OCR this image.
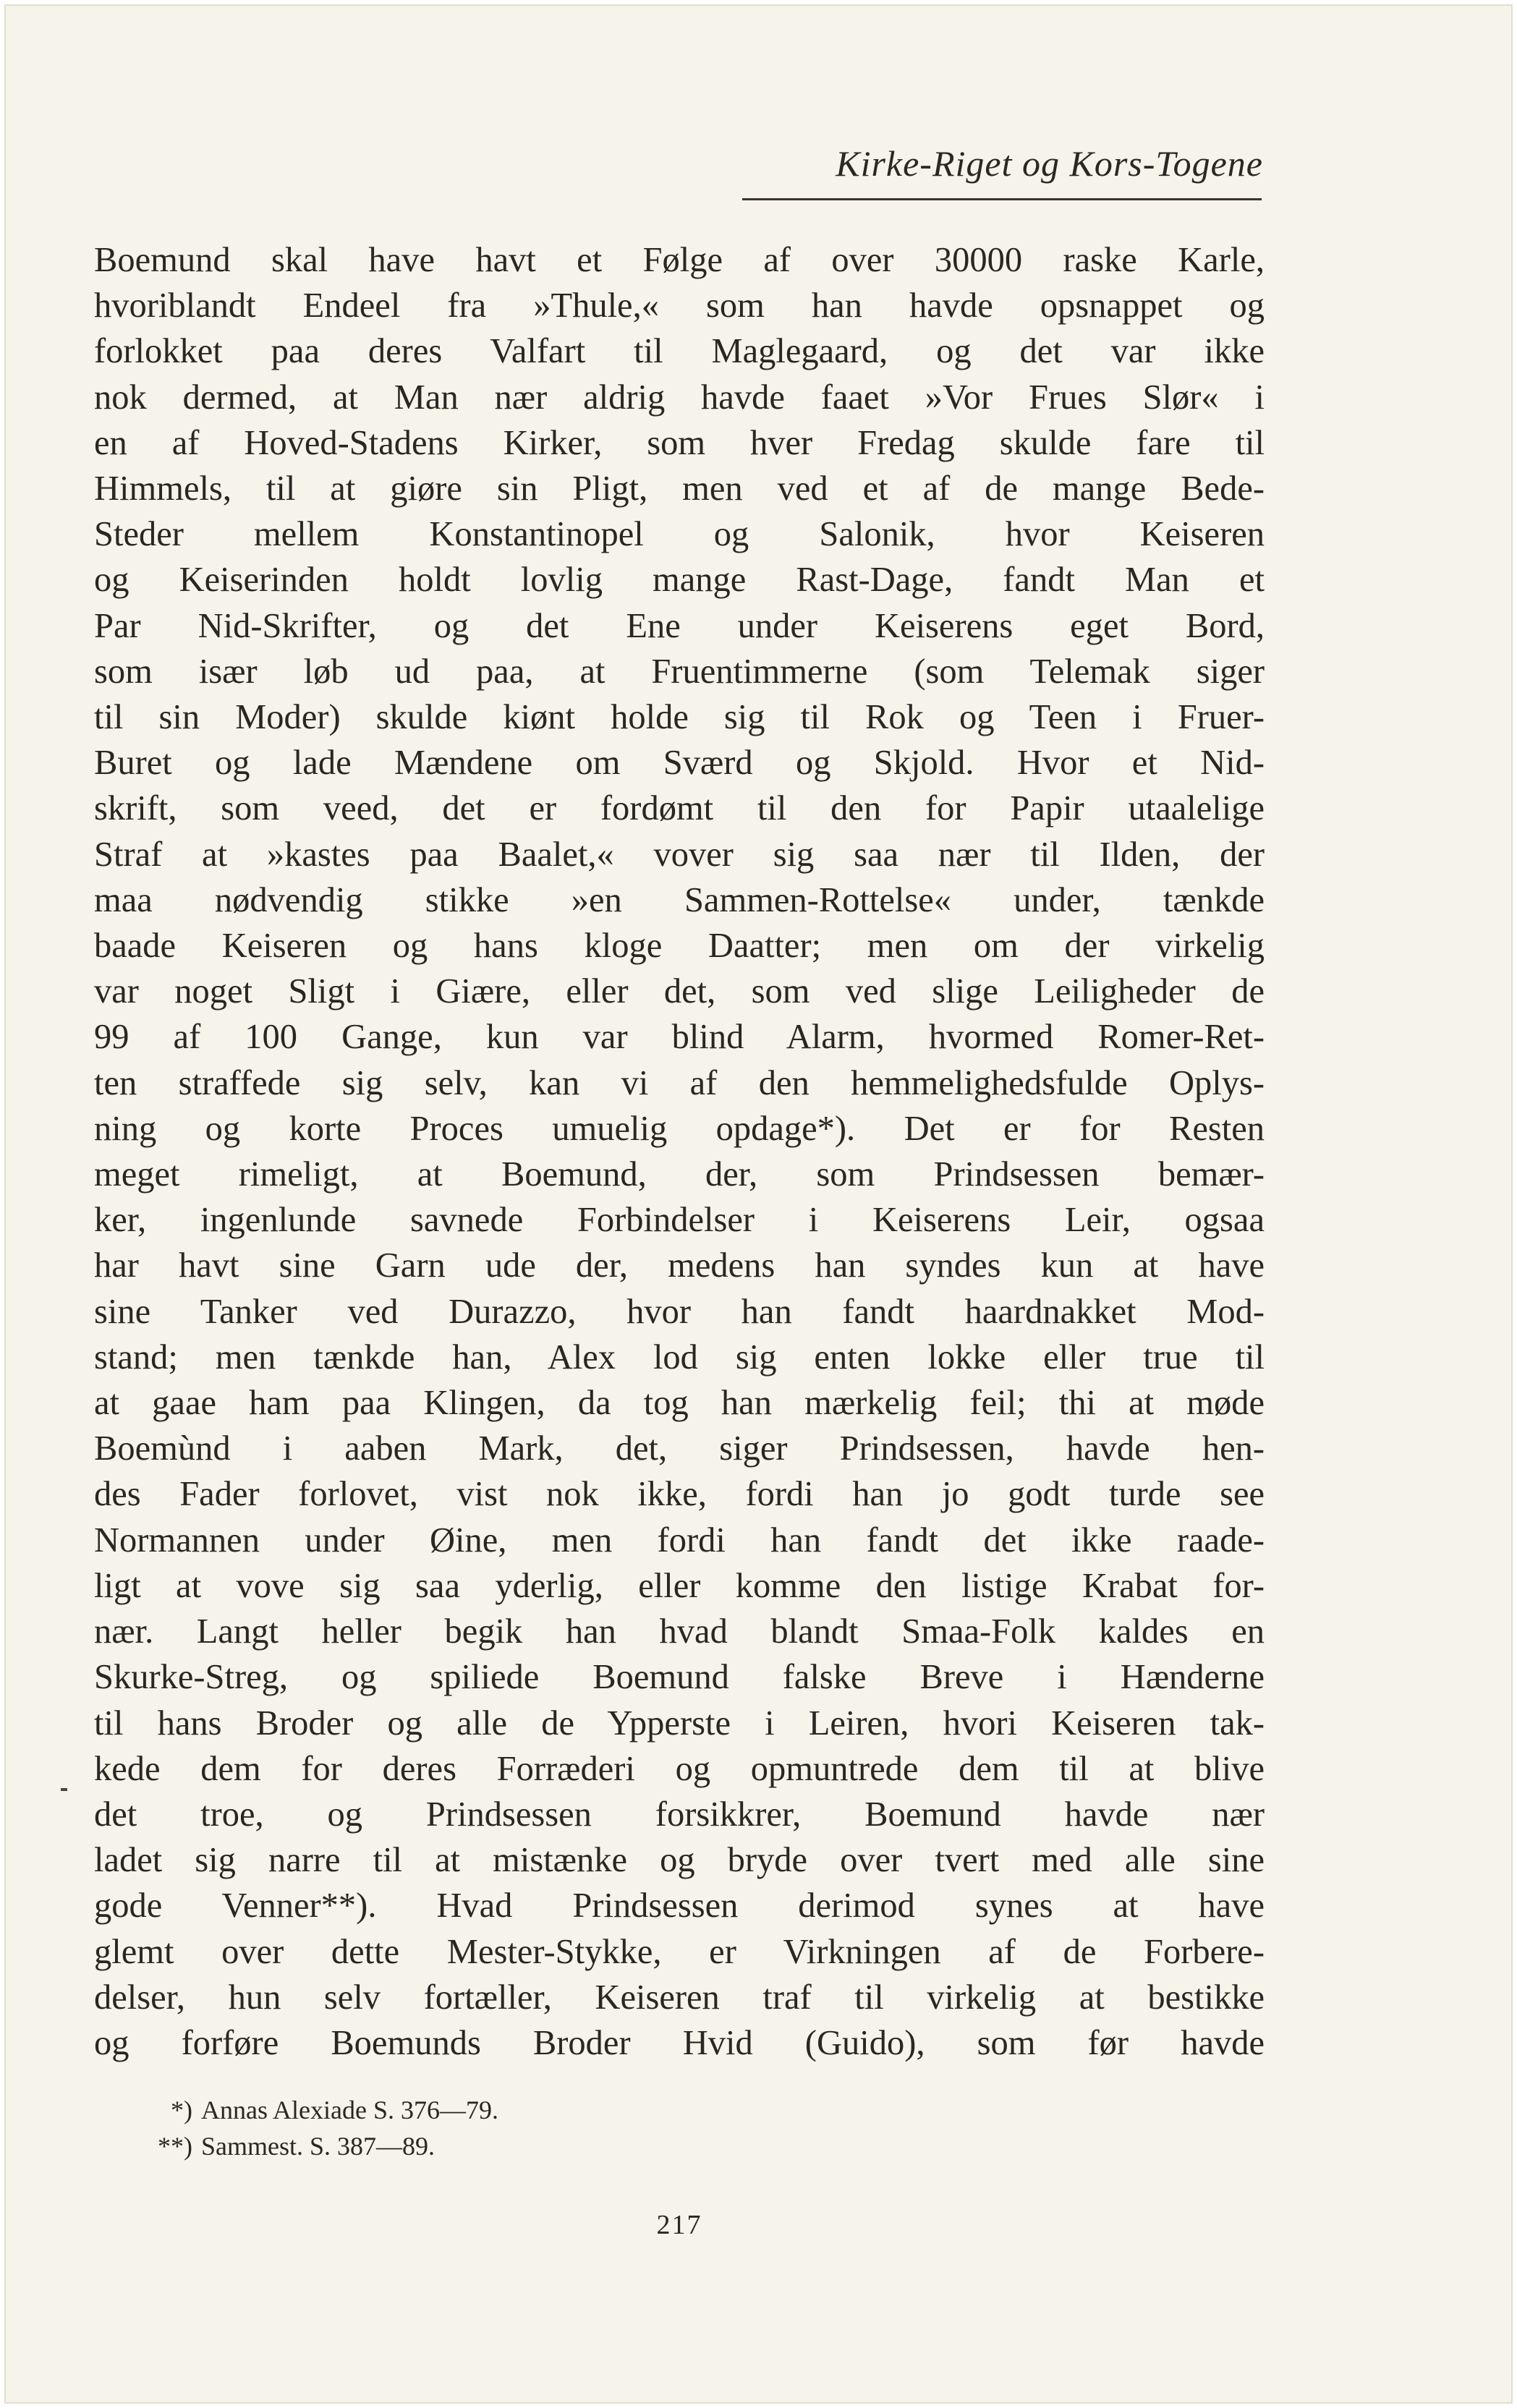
Kirke-Riget og Kors-Togene
Boemund skal have havt et Følge af over 30000 raske Karle,
hvoriblandt Endeel fra »Thule,« som han havde opsnappet og
forlokket paa deres Valfart til Maglegaard, og det var ikke
nok dermed, at Man nær aldrig havde faaet »Vor Frues Slør« i
en af Hoved-Stadens Kirker, som hver Fredag skulde fare til
Himmels, til at giøre sin Pligt, men ved et af de mange Bede-
Steder mellem Konstantinopel og Salonik, hvor Keiseren
og Keiserinden holdt lovlig mange Rast-Dage, fandt Man et
Par Nid-Skrifter, og det Ene under Keiserens eget Bord,
som især løb ud paa, at Fruentimmerne (som Telemak siger
til sin Moder) skulde kiønt holde sig til Rok og Teen i Fruer-
Buret og lade Mændene om Sværd og Skjold. Hvor et Nid-
skrift, som veed, det er fordømt til den for Papir utaalelige
Straf at »kastes paa Baalet,« vover sig saa nær til Ilden, der
maa nødvendig stikke »en Sammen-Rottelse« under, tænkde
baade Keiseren og hans kloge Daatter; men om der virkelig
var noget Sligt i Giære, eller det, som ved slige Leiligheder de
99 af 100 Gange, kun var blind Alarm, hvormed Romer-Ret-
ten straffede sig selv, kan vi af den hemmelighedsfulde Oplys-
ning og korte Proces umuelig opdage*). Det er for Resten
meget rimeligt, at Boemund, der, som Prindsessen bemær-
ker, ingenlunde savnede Forbindelser i Keiserens Leir, ogsaa
har havt sine Garn ude der, medens han syndes kun at have
sine Tanker ved Durazzo, hvor han fandt haardnakket Mod-
stand; men tænkde han, Alex lod sig enten lokke eller true til
at gaae ham paa Klingen, da tog han mærkelig feil; thi at møde
Boemùnd i aaben Mark, det, siger Prindsessen, havde hen-
des Fader forlovet, vist nok ikke, fordi han jo godt turde see
Normannen under Øine, men fordi han fandt det ikke raade-
ligt at vove sig saa yderlig, eller komme den listige Krabat for-
nær. Langt heller begik han hvad blandt Smaa-Folk kaldes en
Skurke-Streg, og spiliede Boemund falske Breve i Hænderne
til hans Broder og alle de Ypperste i Leiren, hvori Keiseren tak-
kede dem for deres Forræderi og opmuntrede dem til at blive
det troe, og Prindsessen forsikkrer, Boemund havde nær
ladet sig narre til at mistænke og bryde over tvert med alle sine
gode Venner**). Hvad Prindsessen derimod synes at have
glemt over dette Mester-Stykke, er Virkningen af de Forbere-
delser, hun selv fortæller, Keiseren traf til virkelig at bestikke
og forføre Boemunds Broder Hvid (Guido), som før havde
*) Annas Alexiade S. 376—79.
**) Sammest. S. 387—89.
217
